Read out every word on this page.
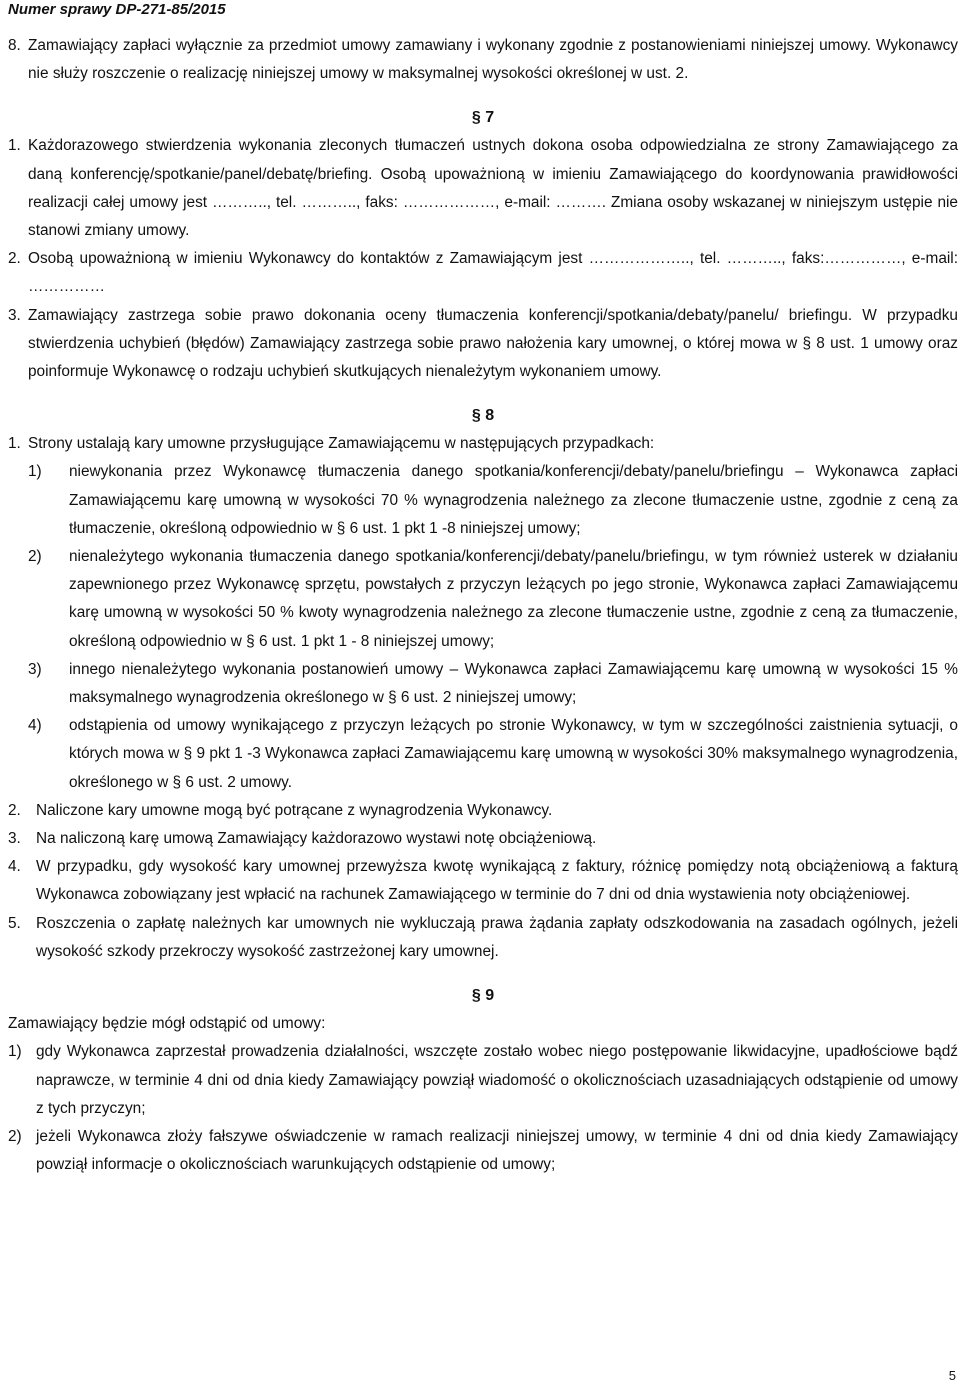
Numer sprawy DP-271-85/2015
8. Zamawiający zapłaci wyłącznie za przedmiot umowy zamawiany i wykonany zgodnie z postanowieniami niniejszej umowy. Wykonawcy nie służy roszczenie o realizację niniejszej umowy w maksymalnej wysokości określonej w ust. 2.
§ 7
1. Każdorazowego stwierdzenia wykonania zleconych tłumaczeń ustnych dokona osoba odpowiedzialna ze strony Zamawiającego za daną konferencję/spotkanie/panel/debatę/briefing. Osobą upoważnioną w imieniu Zamawiającego do koordynowania prawidłowości realizacji całej umowy jest ……….., tel. ……….., faks: ………………, e-mail: ………. Zmiana osoby wskazanej w niniejszym ustępie nie stanowi zmiany umowy.
2. Osobą upoważnioną w imieniu Wykonawcy do kontaktów z Zamawiającym jest ……………….., tel. ……….., faks:……………, e-mail: ……………
3. Zamawiający zastrzega sobie prawo dokonania oceny tłumaczenia konferencji/spotkania/debaty/panelu/ briefingu. W przypadku stwierdzenia uchybień (błędów) Zamawiający zastrzega sobie prawo nałożenia kary umownej, o której mowa w § 8 ust. 1 umowy oraz poinformuje Wykonawcę o rodzaju uchybień skutkujących nienależytym wykonaniem umowy.
§ 8
1. Strony ustalają kary umowne przysługujące Zamawiającemu w następujących przypadkach:
1)	niewykonania przez Wykonawcę tłumaczenia danego spotkania/konferencji/debaty/panelu/briefingu – Wykonawca zapłaci Zamawiającemu karę umowną w wysokości 70 % wynagrodzenia należnego za zlecone tłumaczenie ustne, zgodnie z ceną za tłumaczenie, określoną odpowiednio w § 6 ust. 1 pkt 1 -8 niniejszej umowy;
2)	nienależytego wykonania tłumaczenia danego spotkania/konferencji/debaty/panelu/briefingu, w tym również usterek w działaniu zapewnionego przez Wykonawcę sprzętu, powstałych z przyczyn leżących po jego stronie, Wykonawca zapłaci Zamawiającemu karę umowną w wysokości 50 % kwoty wynagrodzenia należnego za zlecone tłumaczenie ustne, zgodnie z ceną za tłumaczenie, określoną odpowiednio w § 6 ust. 1 pkt 1 - 8 niniejszej umowy;
3)	innego nienależytego wykonania postanowień umowy – Wykonawca zapłaci Zamawiającemu karę umowną w wysokości 15 % maksymalnego wynagrodzenia określonego w § 6 ust. 2 niniejszej umowy;
4)	odstąpienia od umowy wynikającego z przyczyn leżących po stronie Wykonawcy, w tym w szczególności zaistnienia sytuacji, o których mowa w § 9 pkt 1 -3 Wykonawca zapłaci Zamawiającemu karę umowną w wysokości 30% maksymalnego wynagrodzenia, określonego w § 6 ust. 2 umowy.
2. Naliczone kary umowne mogą być potrącane z wynagrodzenia Wykonawcy.
3. Na naliczoną karę umową Zamawiający każdorazowo wystawi notę obciążeniową.
4. W przypadku, gdy wysokość kary umownej przewyższa kwotę wynikającą z faktury, różnicę pomiędzy notą obciążeniową a fakturą Wykonawca zobowiązany jest wpłacić na rachunek Zamawiającego w terminie do 7 dni od dnia wystawienia noty obciążeniowej.
5. Roszczenia o zapłatę należnych kar umownych nie wykluczają prawa żądania zapłaty odszkodowania na zasadach ogólnych, jeżeli wysokość szkody przekroczy wysokość zastrzeżonej kary umownej.
§ 9

Zamawiający będzie mógł odstąpić od umowy:

1) gdy Wykonawca zaprzestał prowadzenia działalności, wszczęte zostało wobec niego postępowanie likwidacyjne, upadłościowe bądź naprawcze, w terminie 4 dni od dnia kiedy Zamawiający powziął wiadomość o okolicznościach uzasadniających odstąpienie od umowy z tych przyczyn;
2) jeżeli Wykonawca złoży fałszywe oświadczenie w ramach realizacji niniejszej umowy, w terminie 4 dni od dnia kiedy Zamawiający powziął informacje o okolicznościach warunkujących odstąpienie od umowy;
5
